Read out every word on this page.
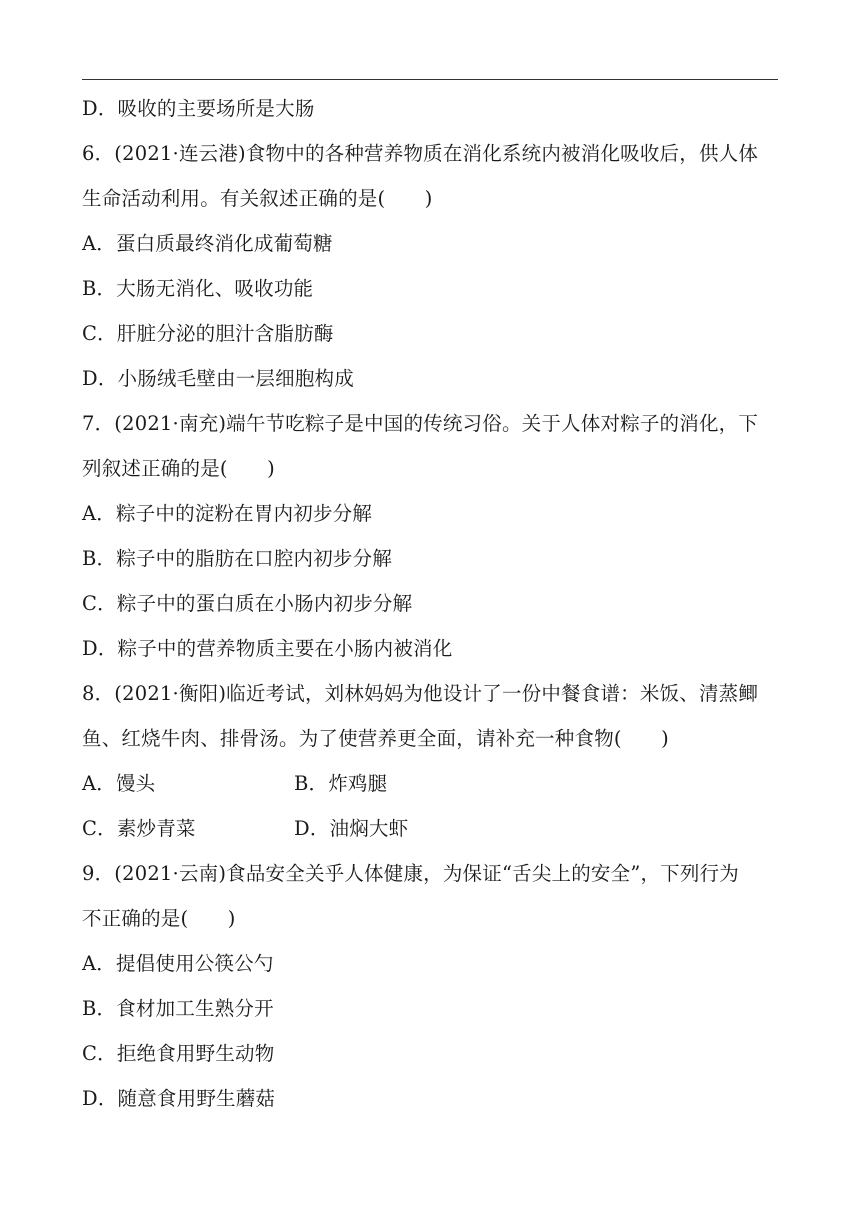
D．吸收的主要场所是大肠
6．(2021·连云港)食物中的各种营养物质在消化系统内被消化吸收后，供人体
生命活动利用。有关叙述正确的是(　　)
A．蛋白质最终消化成葡萄糖
B．大肠无消化、吸收功能
C．肝脏分泌的胆汁含脂肪酶
D．小肠绒毛壁由一层细胞构成
7．(2021·南充)端午节吃粽子是中国的传统习俗。关于人体对粽子的消化，下
列叙述正确的是(　　)
A．粽子中的淀粉在胃内初步分解
B．粽子中的脂肪在口腔内初步分解
C．粽子中的蛋白质在小肠内初步分解
D．粽子中的营养物质主要在小肠内被消化
8．(2021·衡阳)临近考试，刘林妈妈为他设计了一份中餐食谱：米饭、清蒸鲫
鱼、红烧牛肉、排骨汤。为了使营养更全面，请补充一种食物(　　)
A．馒头	B．炸鸡腿
C．素炒青菜	D．油焖大虾
9．(2021·云南)食品安全关乎人体健康，为保证“舌尖上的安全”，下列行为
不正确的是(　　)
A．提倡使用公筷公勺
B．食材加工生熟分开
C．拒绝食用野生动物
D．随意食用野生蘑菇
